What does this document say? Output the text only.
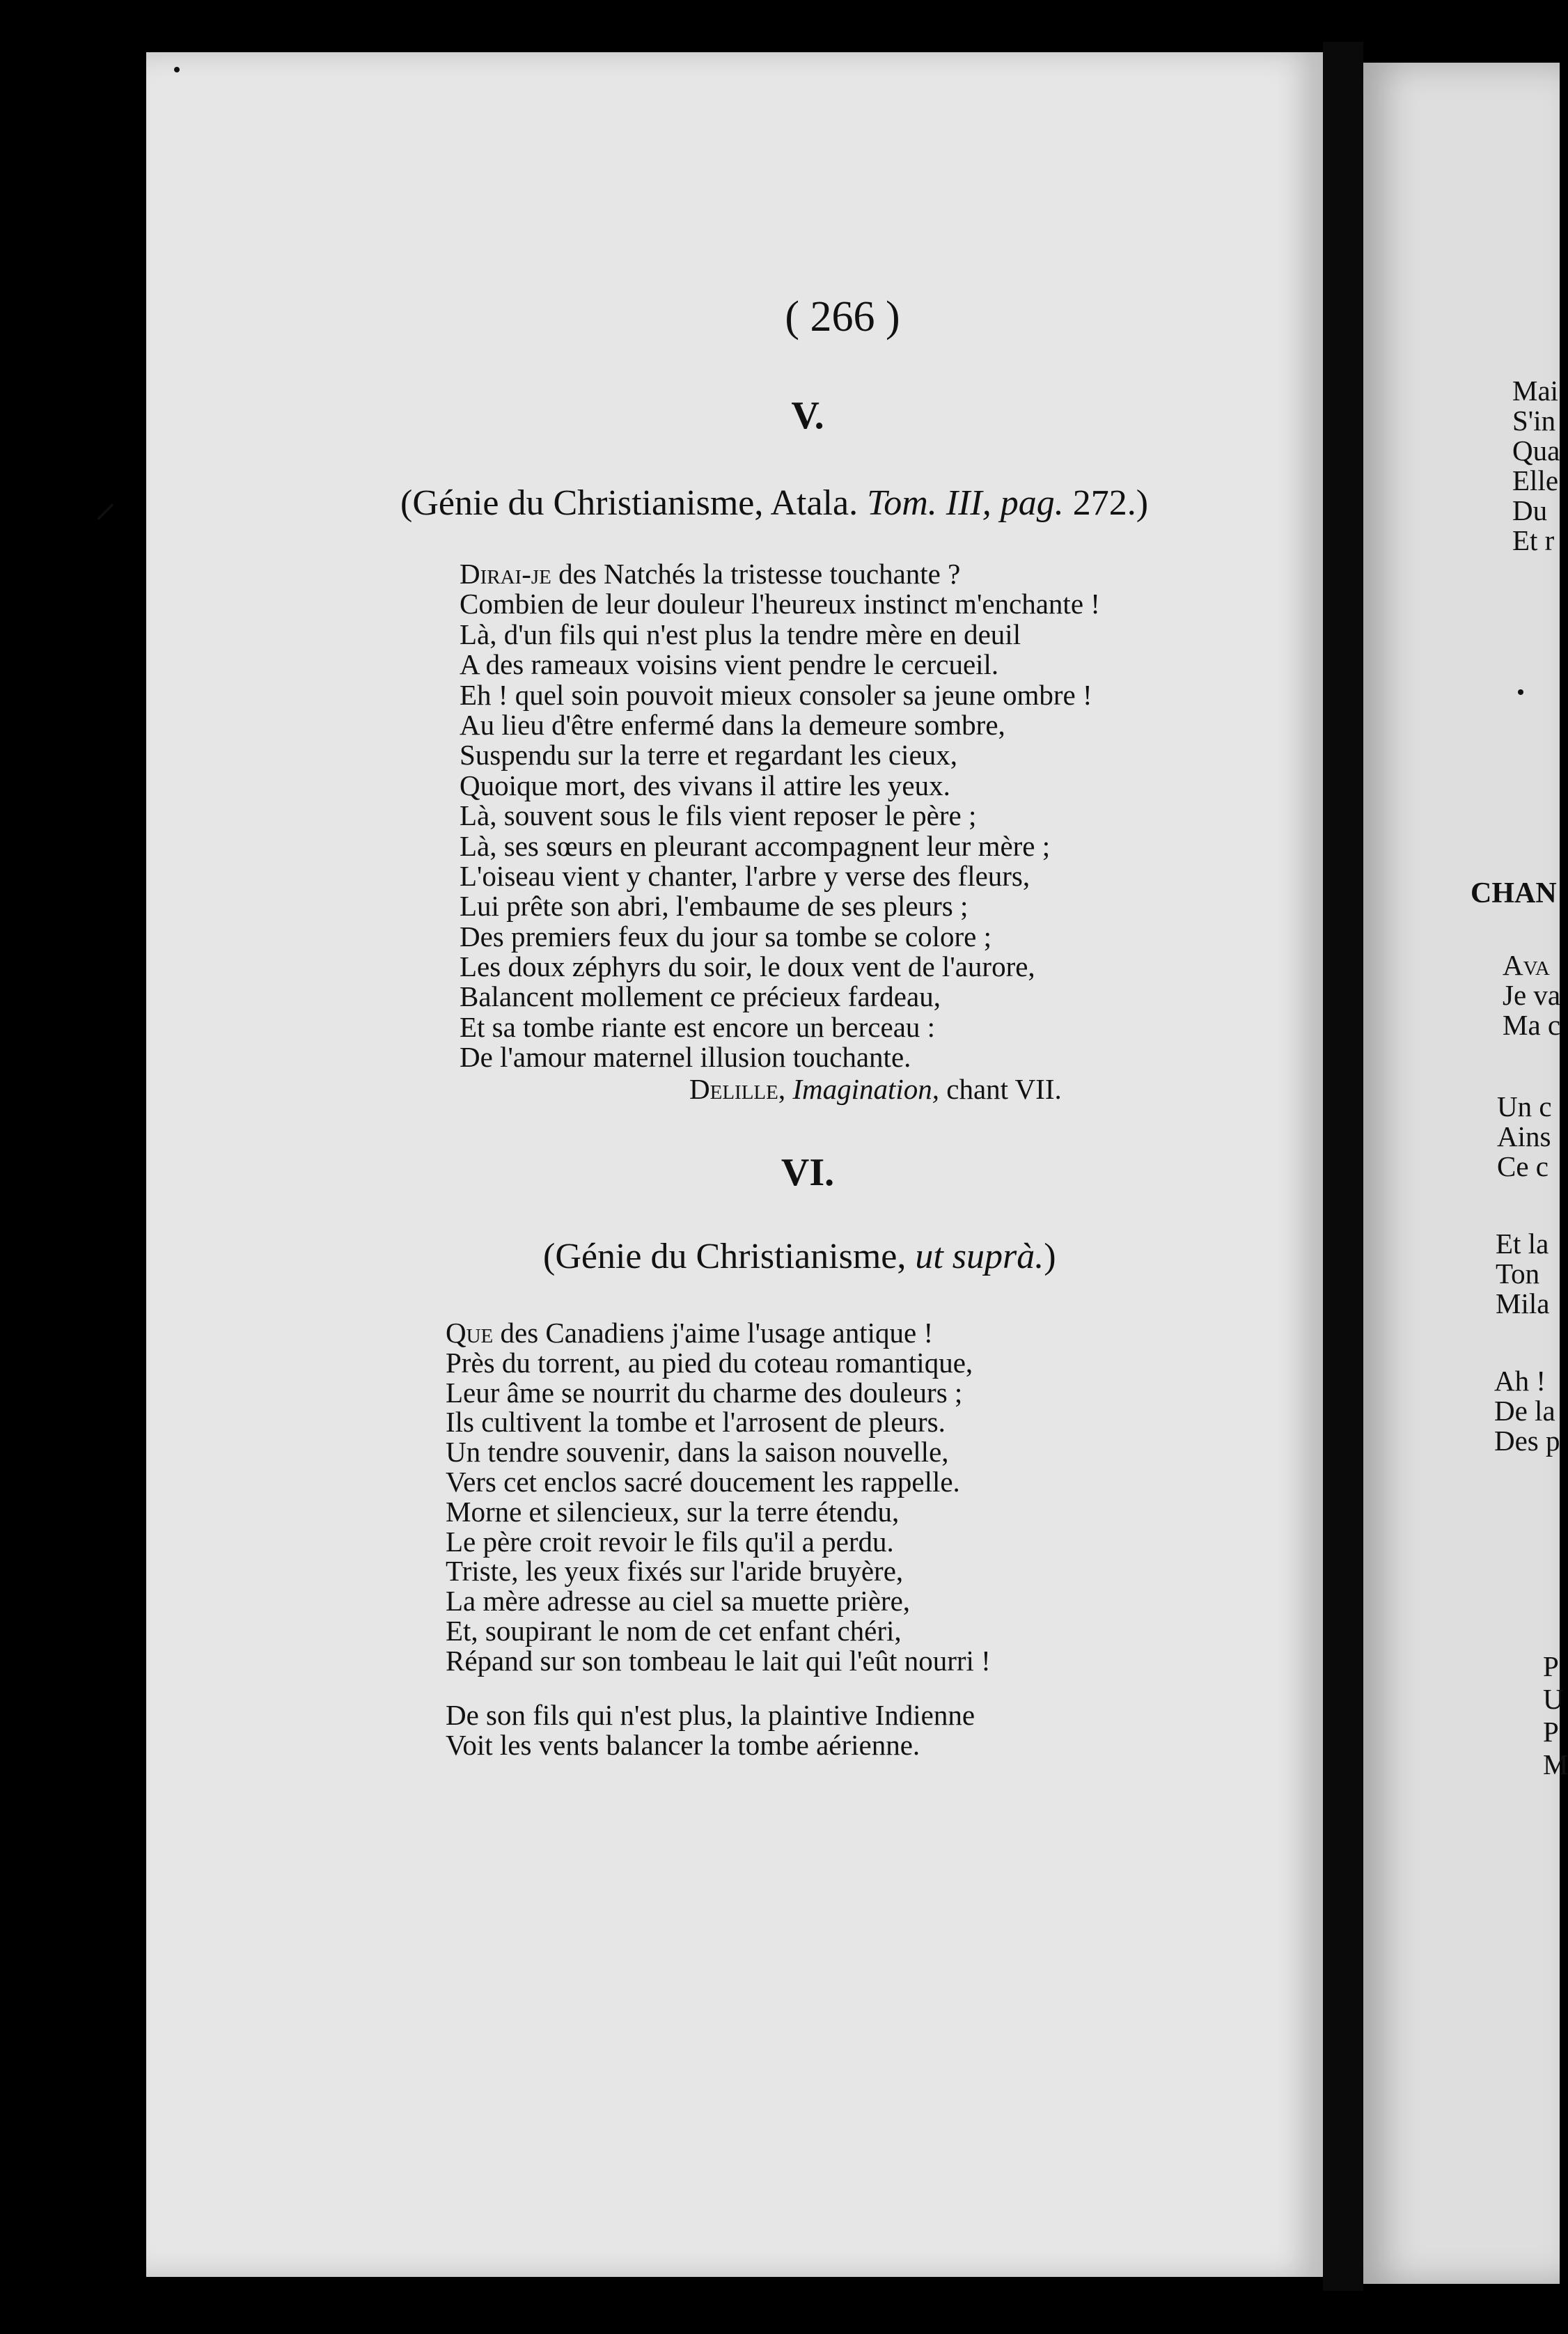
( 266 )
V.
(Génie du Christianisme, Atala. Tom. III, pag. 272.)
Dirai-je des Natchés la tristesse touchante ?
Combien de leur douleur l'heureux instinct m'enchante !
Là, d'un fils qui n'est plus la tendre mère en deuil
A des rameaux voisins vient pendre le cercueil.
Eh ! quel soin pouvoit mieux consoler sa jeune ombre !
Au lieu d'être enfermé dans la demeure sombre,
Suspendu sur la terre et regardant les cieux,
Quoique mort, des vivans il attire les yeux.
Là, souvent sous le fils vient reposer le père ;
Là, ses sœurs en pleurant accompagnent leur mère ;
L'oiseau vient y chanter, l'arbre y verse des fleurs,
Lui prête son abri, l'embaume de ses pleurs ;
Des premiers feux du jour sa tombe se colore ;
Les doux zéphyrs du soir, le doux vent de l'aurore,
Balancent mollement ce précieux fardeau,
Et sa tombe riante est encore un berceau :
De l'amour maternel illusion touchante.
Delille, Imagination, chant VII.
VI.
(Génie du Christianisme, ut suprà.)
Que des Canadiens j'aime l'usage antique !
Près du torrent, au pied du coteau romantique,
Leur âme se nourrit du charme des douleurs ;
Ils cultivent la tombe et l'arrosent de pleurs.
Un tendre souvenir, dans la saison nouvelle,
Vers cet enclos sacré doucement les rappelle.
Morne et silencieux, sur la terre étendu,
Le père croit revoir le fils qu'il a perdu.
Triste, les yeux fixés sur l'aride bruyère,
La mère adresse au ciel sa muette prière,
Et, soupirant le nom de cet enfant chéri,
Répand sur son tombeau le lait qui l'eût nourri !
De son fils qui n'est plus, la plaintive Indienne
Voit les vents balancer la tombe aérienne.
Mai
S'in
Qua
Elle
Du
Et r
CHAN
Ava
Je va
Ma c
Un c
Ains
Ce c
Et la
Ton
Mila
Ah !
De la
Des p
P
U
P
M
